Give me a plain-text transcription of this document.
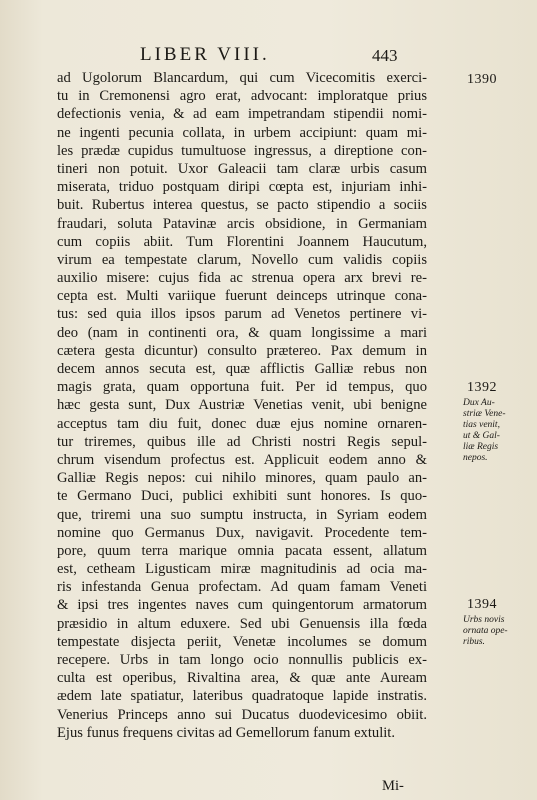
LIBER VIII.	443
ad Ugolorum Blancardum, qui cum Vicecomitis exerci-
tu in Cremonensi agro erat, advocant: imploratque prius
defectionis venia, & ad eam impetrandam stipendii nomi-
ne ingenti pecunia collata, in urbem accipiunt: quam mi-
les prædæ cupidus tumultuose ingressus, a direptione con-
tineri non potuit. Uxor Galeacii tam claræ urbis casum
miserata, triduo postquam diripi cœpta est, injuriam inhi-
buit. Rubertus interea questus, se pacto stipendio a sociis
fraudari, soluta Patavinæ arcis obsidione, in Germaniam
cum copiis abiit. Tum Florentini Joannem Haucutum,
virum ea tempestate clarum, Novello cum validis copiis
auxilio misere: cujus fida ac strenua opera arx brevi re-
cepta est. Multi variique fuerunt deinceps utrinque cona-
tus: sed quia illos ipsos parum ad Venetos pertinere vi-
deo (nam in continenti ora, & quam longissime a mari
cætera gesta dicuntur) consulto prætereo. Pax demum in
decem annos secuta est, quæ afflictis Galliæ rebus non
magis grata, quam opportuna fuit. Per id tempus, quo
hæc gesta sunt, Dux Austriæ Venetias venit, ubi benigne
acceptus tam diu fuit, donec duæ ejus nomine ornaren-
tur triremes, quibus ille ad Christi nostri Regis sepul-
chrum visendum profectus est. Applicuit eodem anno &
Galliæ Regis nepos: cui nihilo minores, quam paulo an-
te Germano Duci, publici exhibiti sunt honores. Is quo-
que, triremi una suo sumptu instructa, in Syriam eodem
nomine quo Germanus Dux, navigavit. Procedente tem-
pore, quum terra marique omnia pacata essent, allatum
est, cetheam Ligusticam miræ magnitudinis ad ocia ma-
ris infestanda Genua profectam. Ad quam famam Veneti
& ipsi tres ingentes naves cum quingentorum armatorum
præsidio in altum eduxere. Sed ubi Genuensis illa fœda
tempestate disjecta periit, Venetæ incolumes se domum
recepere. Urbs in tam longo ocio nonnullis publicis ex-
culta est operibus, Rivaltina area, & quæ ante Auream
ædem late spatiatur, lateribus quadratoque lapide instratis.
Venerius Princeps anno sui Ducatus duodevicesimo obiit.
Ejus funus frequens civitas ad Gemellorum fanum extulit.
Mi-
1390
1392
Dux Au-
striæ Vene-
tias venit,
ut & Gal-
liæ Regis
nepos.
1394
Urbs novis
ornata ope-
ribus.
